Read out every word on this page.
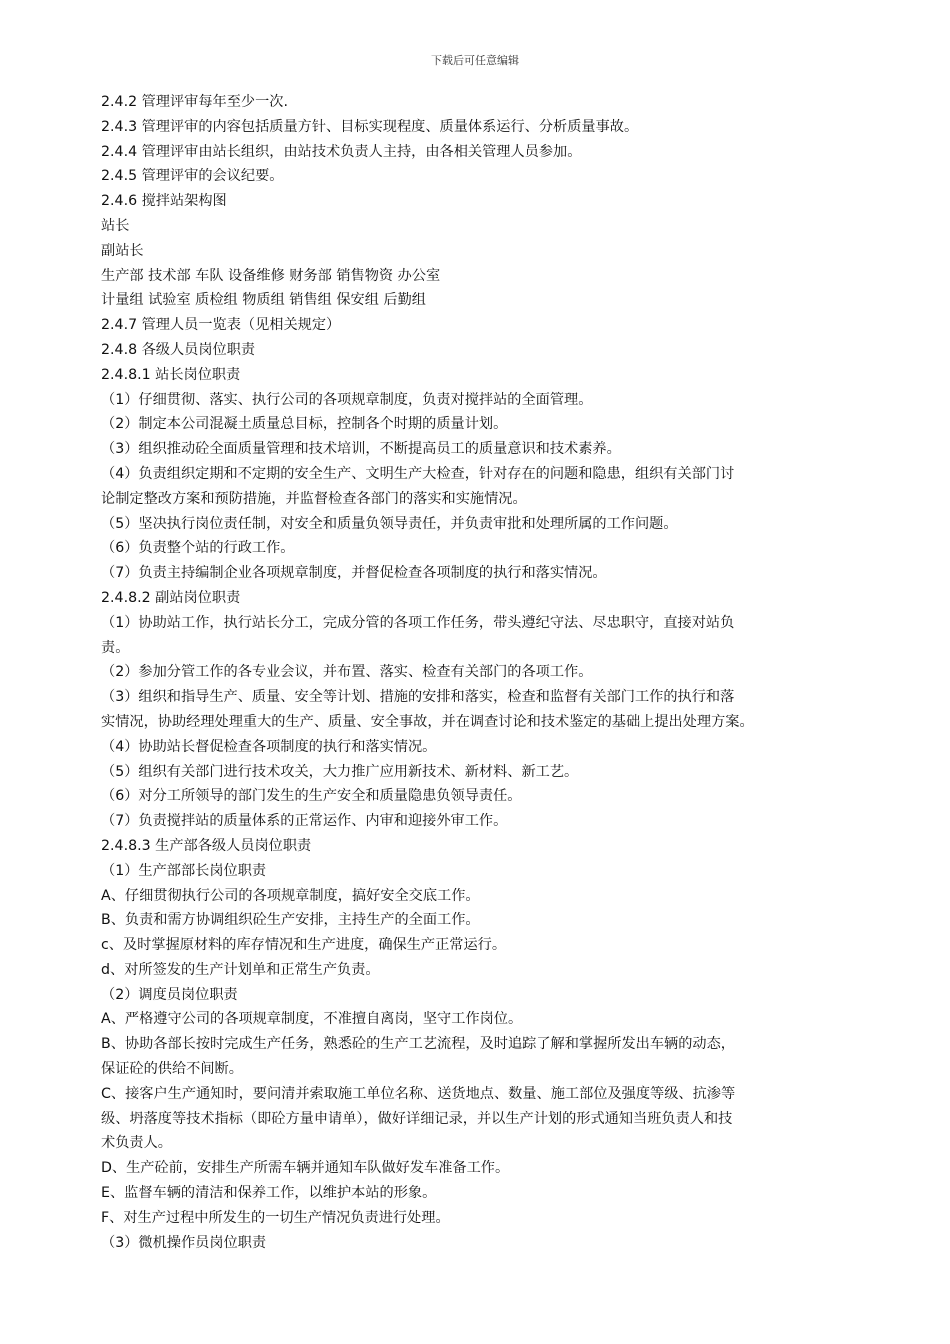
下载后可任意编辑
2.4.2 管理评审每年至少一次.
2.4.3 管理评审的内容包括质量方针、目标实现程度、质量体系运行、分析质量事故。
2.4.4 管理评审由站长组织，由站技术负责人主持，由各相关管理人员参加。
2.4.5 管理评审的会议纪要。
2.4.6 搅拌站架构图
站长
副站长
生产部 技术部 车队 设备维修 财务部 销售物资 办公室
计量组 试验室 质检组 物质组 销售组 保安组 后勤组
2.4.7 管理人员一览表（见相关规定）
2.4.8 各级人员岗位职责
2.4.8.1 站长岗位职责
（1）仔细贯彻、落实、执行公司的各项规章制度，负责对搅拌站的全面管理。
（2）制定本公司混凝土质量总目标，控制各个时期的质量计划。
（3）组织推动砼全面质量管理和技术培训，不断提高员工的质量意识和技术素养。
（4）负责组织定期和不定期的安全生产、文明生产大检查，针对存在的问题和隐患，组织有关部门讨
论制定整改方案和预防措施，并监督检查各部门的落实和实施情况。
（5）坚决执行岗位责任制，对安全和质量负领导责任，并负责审批和处理所属的工作问题。
（6）负责整个站的行政工作。
（7）负责主持编制企业各项规章制度，并督促检查各项制度的执行和落实情况。
2.4.8.2 副站岗位职责
（1）协助站工作，执行站长分工，完成分管的各项工作任务，带头遵纪守法、尽忠职守，直接对站负
责。
（2）参加分管工作的各专业会议，并布置、落实、检查有关部门的各项工作。
（3）组织和指导生产、质量、安全等计划、措施的安排和落实，检查和监督有关部门工作的执行和落
实情况，协助经理处理重大的生产、质量、安全事故，并在调查讨论和技术鉴定的基础上提出处理方案。
（4）协助站长督促检查各项制度的执行和落实情况。
（5）组织有关部门进行技术攻关，大力推广应用新技术、新材料、新工艺。
（6）对分工所领导的部门发生的生产安全和质量隐患负领导责任。
（7）负责搅拌站的质量体系的正常运作、内审和迎接外审工作。
2.4.8.3 生产部各级人员岗位职责
（1）生产部部长岗位职责
A、仔细贯彻执行公司的各项规章制度，搞好安全交底工作。
B、负责和需方协调组织砼生产安排，主持生产的全面工作。
c、及时掌握原材料的库存情况和生产进度，确保生产正常运行。
d、对所签发的生产计划单和正常生产负责。
（2）调度员岗位职责
A、严格遵守公司的各项规章制度，不准擅自离岗，坚守工作岗位。
B、协助各部长按时完成生产任务，熟悉砼的生产工艺流程，及时追踪了解和掌握所发出车辆的动态，
保证砼的供给不间断。
C、接客户生产通知时，要问清并索取施工单位名称、送货地点、数量、施工部位及强度等级、抗渗等
级、坍落度等技术指标（即砼方量申请单），做好详细记录，并以生产计划的形式通知当班负责人和技
术负责人。
D、生产砼前，安排生产所需车辆并通知车队做好发车准备工作。
E、监督车辆的清洁和保养工作，以维护本站的形象。
F、对生产过程中所发生的一切生产情况负责进行处理。
（3）微机操作员岗位职责
